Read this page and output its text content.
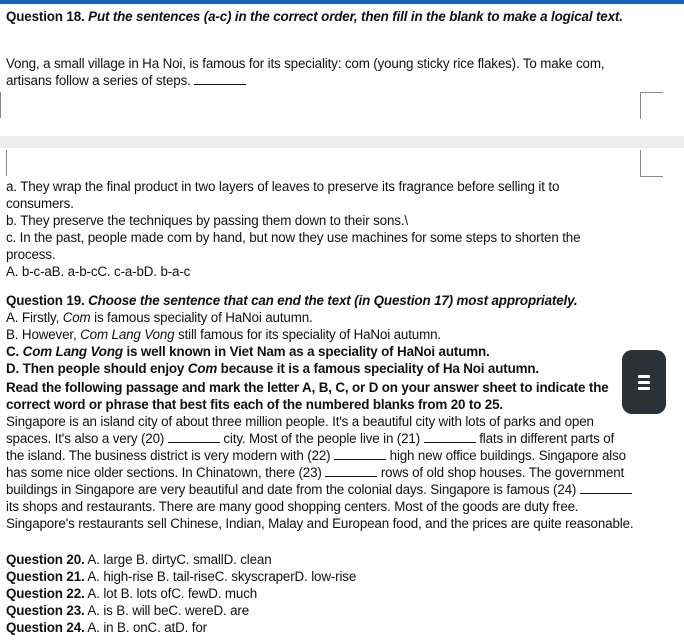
Question 18. Put the sentences (a-c) in the correct order, then fill in the blank to make a logical text.
Vong, a small village in Ha Noi, is famous for its speciality: com (young sticky rice flakes). To make com, artisans follow a series of steps.
a. They wrap the final product in two layers of leaves to preserve its fragrance before selling it to consumers.
b. They preserve the techniques by passing them down to their sons.\
c. In the past, people made com by hand, but now they use machines for some steps to shorten the process.
A. b-c-aB. a-b-cC. c-a-bD. b-a-c
Question 19. Choose the sentence that can end the text (in Question 17) most appropriately.
A. Firstly, Com is famous speciality of HaNoi autumn.
B. However, Com Lang Vong still famous for its speciality of HaNoi autumn.
C. Com Lang Vong is well known in Viet Nam as a speciality of HaNoi autumn.
D. Then people should enjoy Com because it is a famous speciality of Ha Noi autumn.
Read the following passage and mark the letter A, B, C, or D on your answer sheet to indicate the correct word or phrase that best fits each of the numbered blanks from 20 to 25.
Singapore is an island city of about three million people. It's a beautiful city with lots of parks and open spaces. It's also a very (20)	city. Most of the people live in (21)	flats in different parts of the island. The business district is very modern with (22)	high new office buildings. Singapore also has some nice older sections. In Chinatown, there (23)	rows of old shop houses. The government buildings in Singapore are very beautiful and date from the colonial days. Singapore is famous (24)  its shops and restaurants. There are many good shopping centers. Most of the goods are duty free. Singapore's restaurants sell Chinese, Indian, Malay and European food, and the prices are quite reasonable.
Question 20. A. large B. dirtyC. smallD. clean
Question 21. A. high-rise B. tail-riseC. skyscraperD. low-rise
Question 22. A. lot B. lots ofC. fewD. much
Question 23. A. is B. will beC. wereD. are
Question 24. A. in B. onC. atD. for
